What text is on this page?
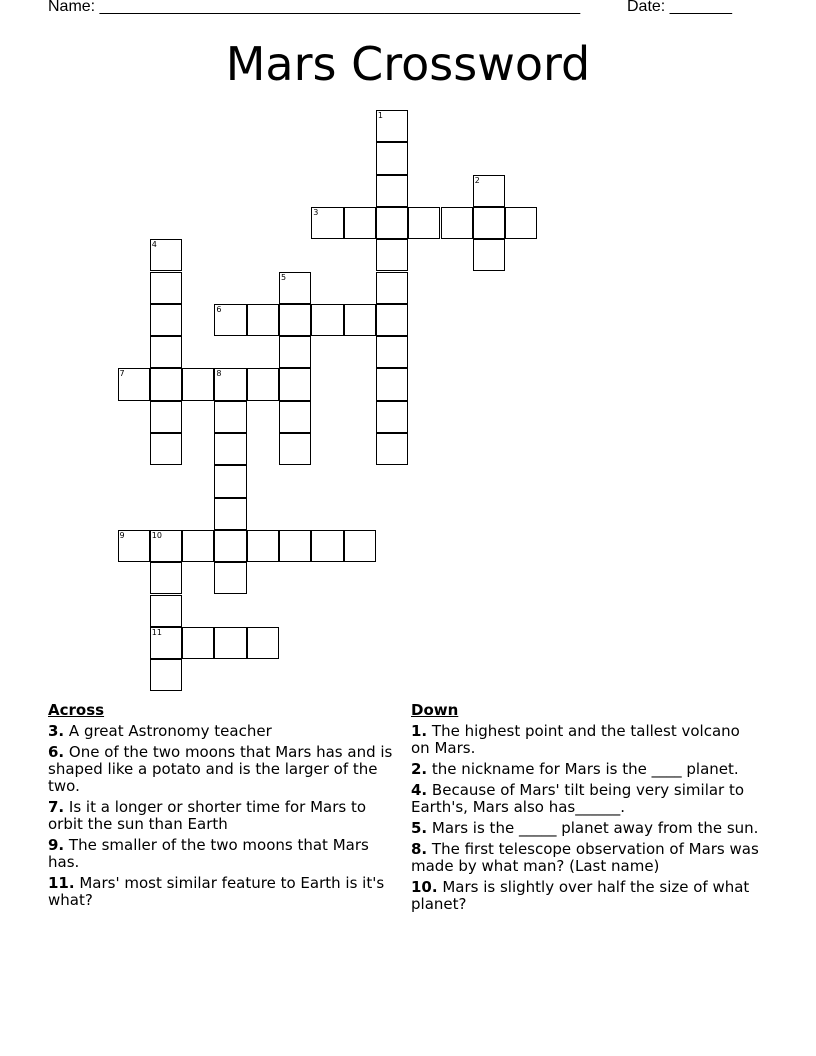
Name: ______________________________________________________	Date: _______
Mars Crossword
1
2
3
4
5
6
7	8
9	10
11
Across
3. A great Astronomy teacher
6. One of the two moons that Mars has and is shaped like a potato and is the larger of the two.
7. Is it a longer or shorter time for Mars to orbit the sun than Earth
9. The smaller of the two moons that Mars has.
11. Mars' most similar feature to Earth is it's what?
Down
1. The highest point and the tallest volcano on Mars.
2. the nickname for Mars is the ____ planet.
4. Because of Mars' tilt being very similar to Earth's, Mars also has______.
5. Mars is the _____ planet away from the sun.
8. The first telescope observation of Mars was made by what man? (Last name)
10. Mars is slightly over half the size of what planet?
